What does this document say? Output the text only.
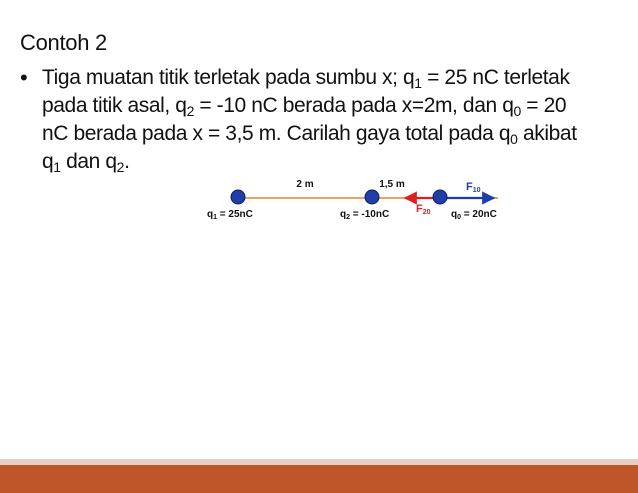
Contoh 2
• Tiga muatan titik terletak pada sumbu x; $q_1 = 25$ nC terletak
pada titik asal, $q_2 = -10$ nC berada pada x=2m, dan $q_0 = 20$
nC berada pada x = 3,5 m. Carilah gaya total pada $q_0$ akibat
$q_1$ dan $q_2$.
2 m	1,5 m	F10
F20
$q_1 = 25nC$	$q_2 = -10nC$	$q_0 = 20nC$
